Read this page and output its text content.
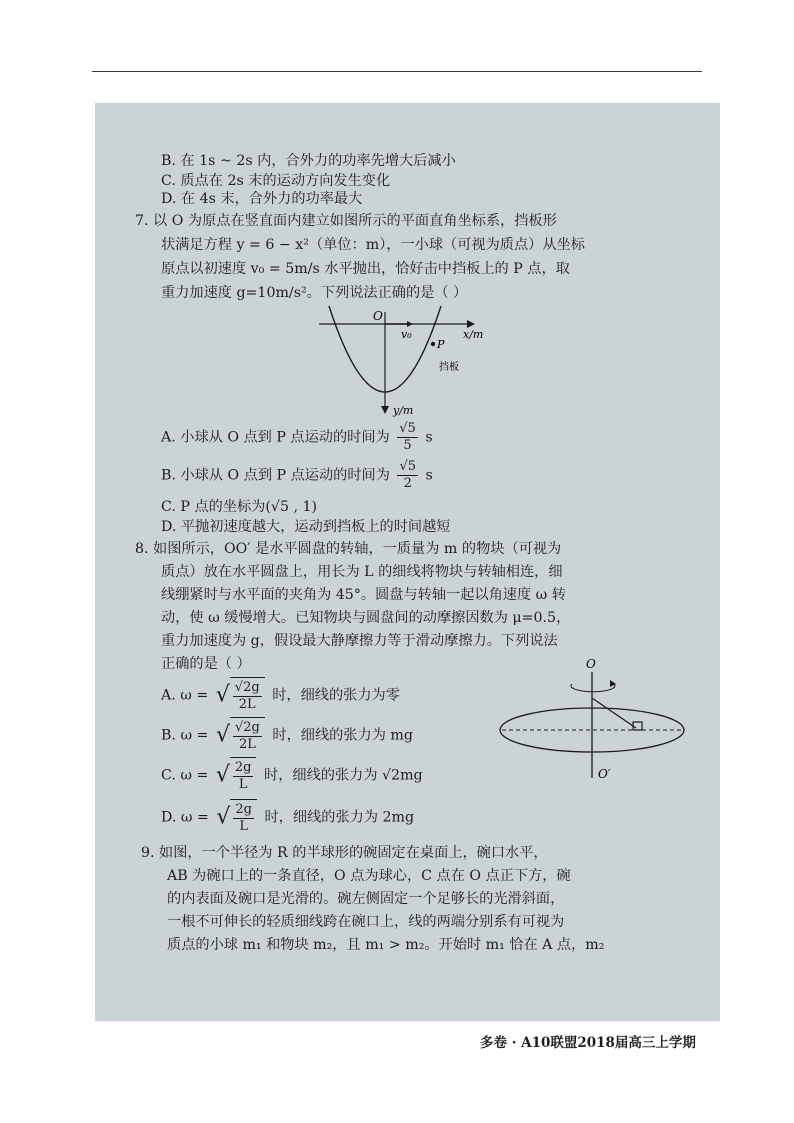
B. 在 1s ~ 2s 内，合外力的功率先增大后减小
C. 质点在 2s 末的运动方向发生变化
D. 在 4s 末，合外力的功率最大
7. 以 O 为原点在竖直面内建立如图所示的平面直角坐标系，挡板形
状满足方程 y = 6 − x²（单位：m），一小球（可视为质点）从坐标
原点以初速度 v₀ = 5m/s 水平抛出，恰好击中挡板上的 P 点，取
重力加速度 g=10m/s²。下列说法正确的是（ ）
O
v₀	x/m
y/m
P
挡板
A. 小球从 O 点到 P 点运动的时间为 $\frac{√5}{5}$ s
B. 小球从 O 点到 P 点运动的时间为 $\frac{√5}{2}$ s
C. P 点的坐标为(√5 , 1)
D. 平抛初速度越大，运动到挡板上的时间越短
8. 如图所示，OO′ 是水平圆盘的转轴，一质量为 m 的物块（可视为
质点）放在水平圆盘上，用长为 L 的细线将物块与转轴相连，细
线绷紧时与水平面的夹角为 45°。圆盘与转轴一起以角速度 ω 转
动，使 ω 缓慢增大。已知物块与圆盘间的动摩擦因数为 μ=0.5，
重力加速度为 g，假设最大静摩擦力等于滑动摩擦力。下列说法
正确的是（ ）
A. ω = √ $\frac{√2g}{2L}$ 时，细线的张力为零
B. ω = √ $\frac{√2g}{2L}$ 时，细线的张力为 mg
C. ω = √ $\frac{2g}{L}$ 时，细线的张力为 √2mg
D. ω = √ $\frac{2g}{L}$ 时，细线的张力为 2mg
O
O′
9. 如图，一个半径为 R 的半球形的碗固定在桌面上，碗口水平，
AB 为碗口上的一条直径，O 点为球心，C 点在 O 点正下方，碗
的内表面及碗口是光滑的。碗左侧固定一个足够长的光滑斜面，
一根不可伸长的轻质细线跨在碗口上，线的两端分别系有可视为
质点的小球 m₁ 和物块 m₂，且 m₁ > m₂。开始时 m₁ 恰在 A 点，m₂
多卷 · A10联盟2018届高三上学期
